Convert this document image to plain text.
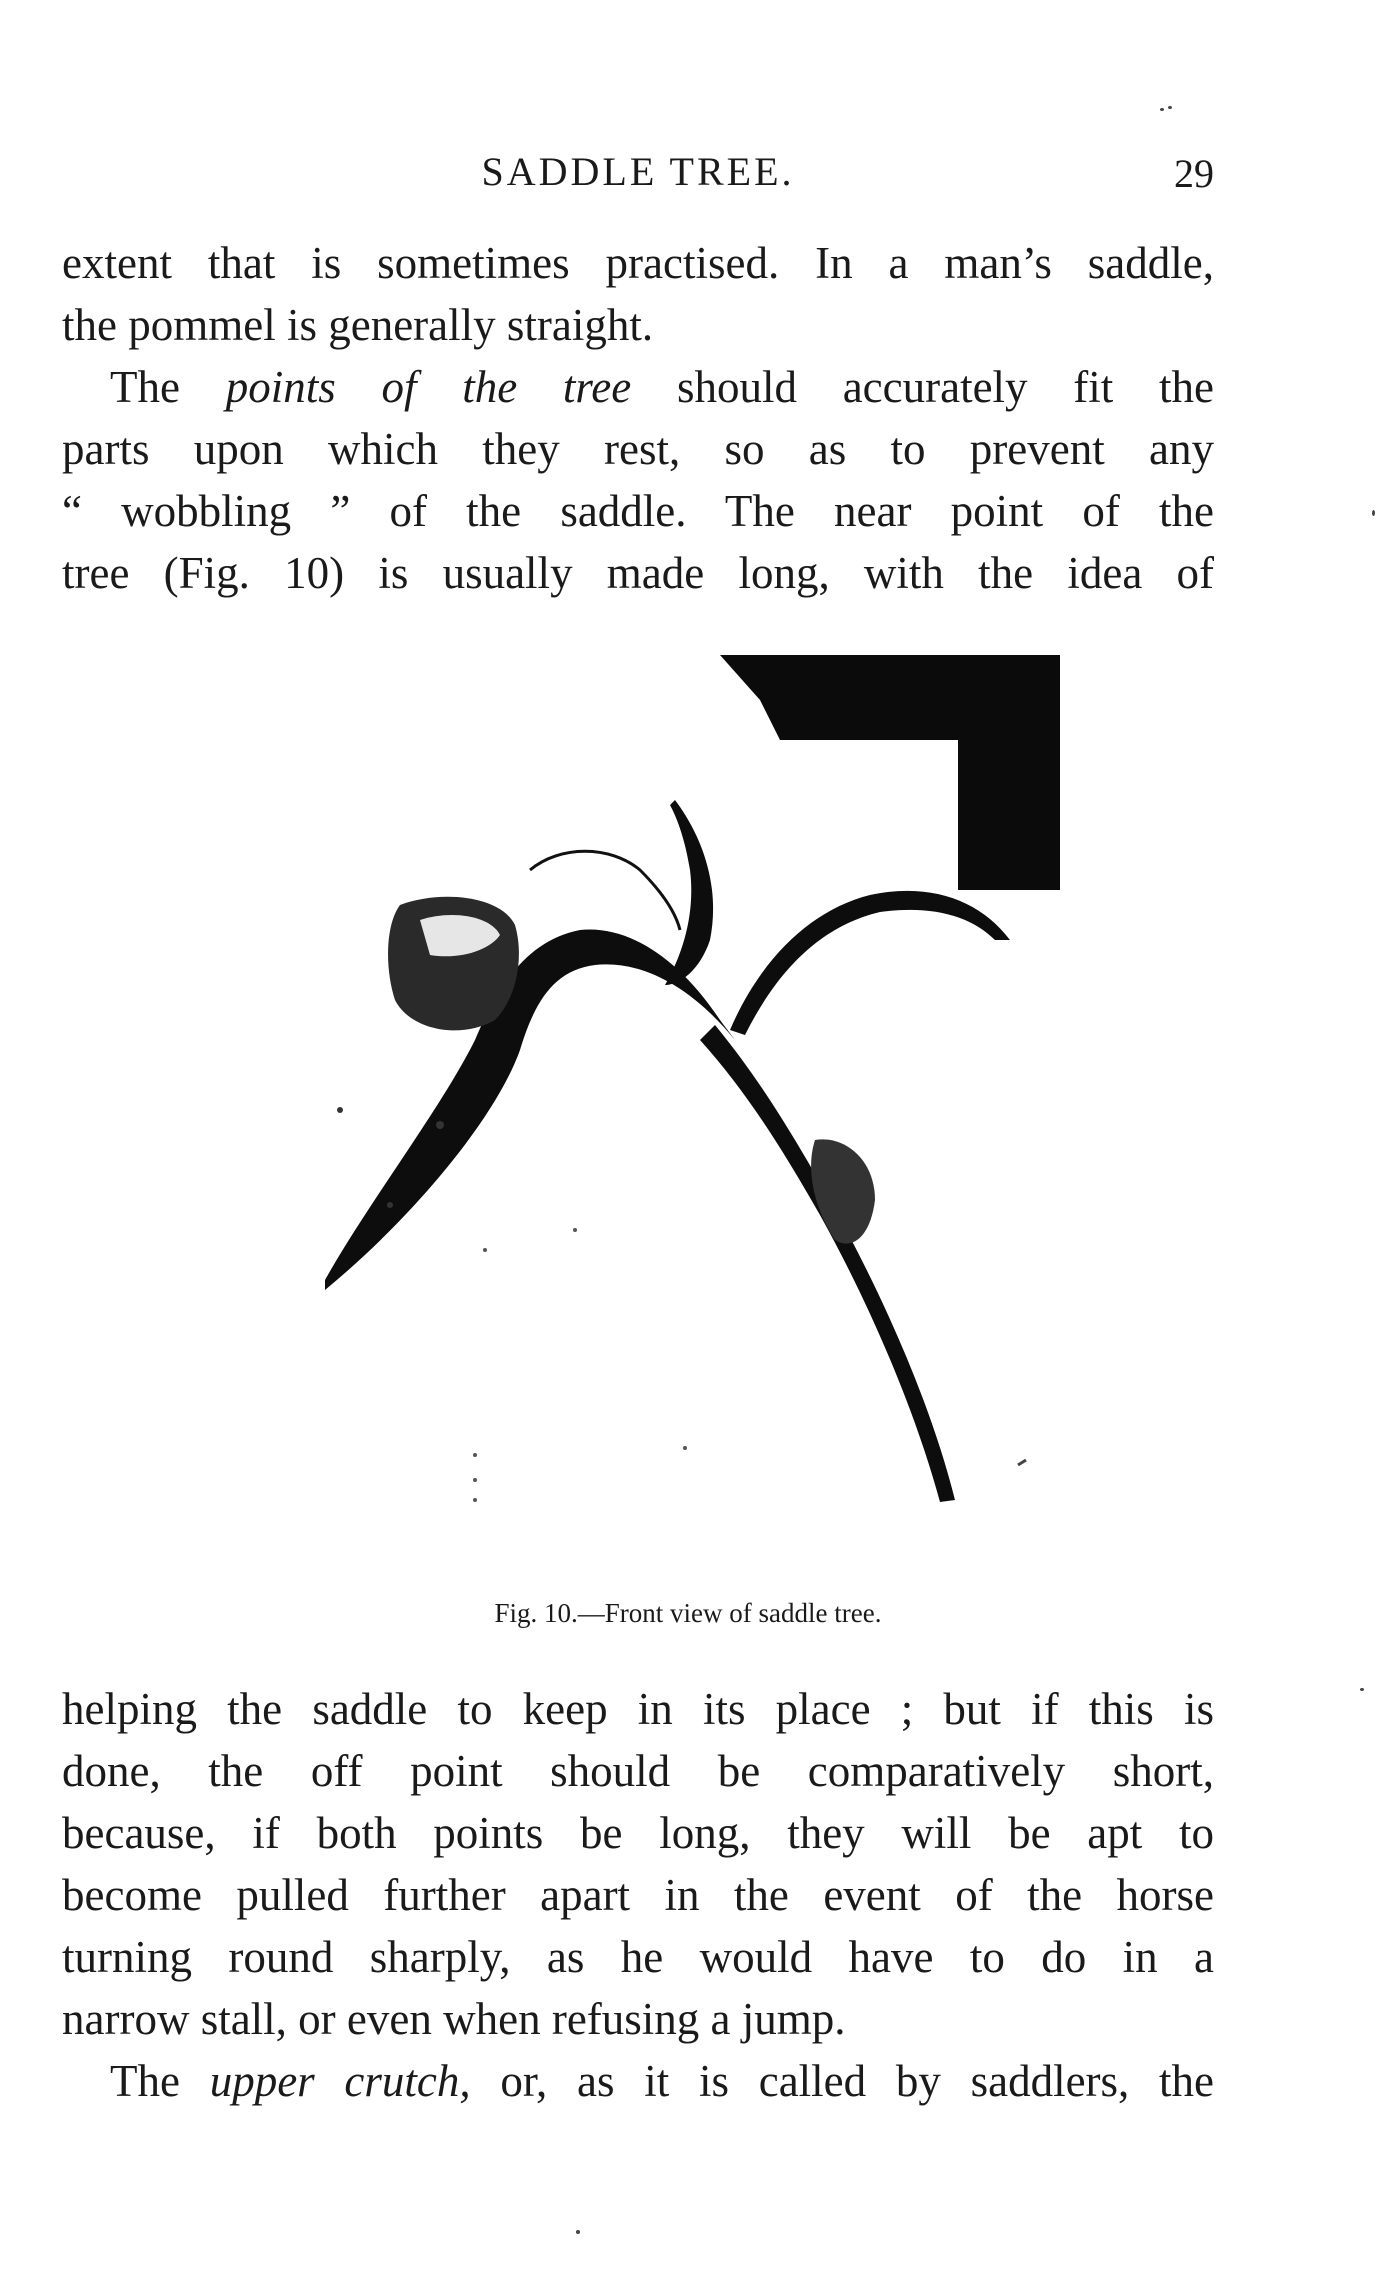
SADDLE TREE.	29

extent that is sometimes practised. In a man’s saddle,
the pommel is generally straight.

The points of the tree should accurately fit the
parts upon which they rest, so as to prevent any
“ wobbling ” of the saddle. The near point of the
tree (Fig. 10) is usually made long, with the idea of

Fig. 10.—Front view of saddle tree.

helping the saddle to keep in its place ; but if this is
done, the off point should be comparatively short,
because, if both points be long, they will be apt to
become pulled further apart in the event of the horse
turning round sharply, as he would have to do in a
narrow stall, or even when refusing a jump.

The upper crutch, or, as it is called by saddlers, the
